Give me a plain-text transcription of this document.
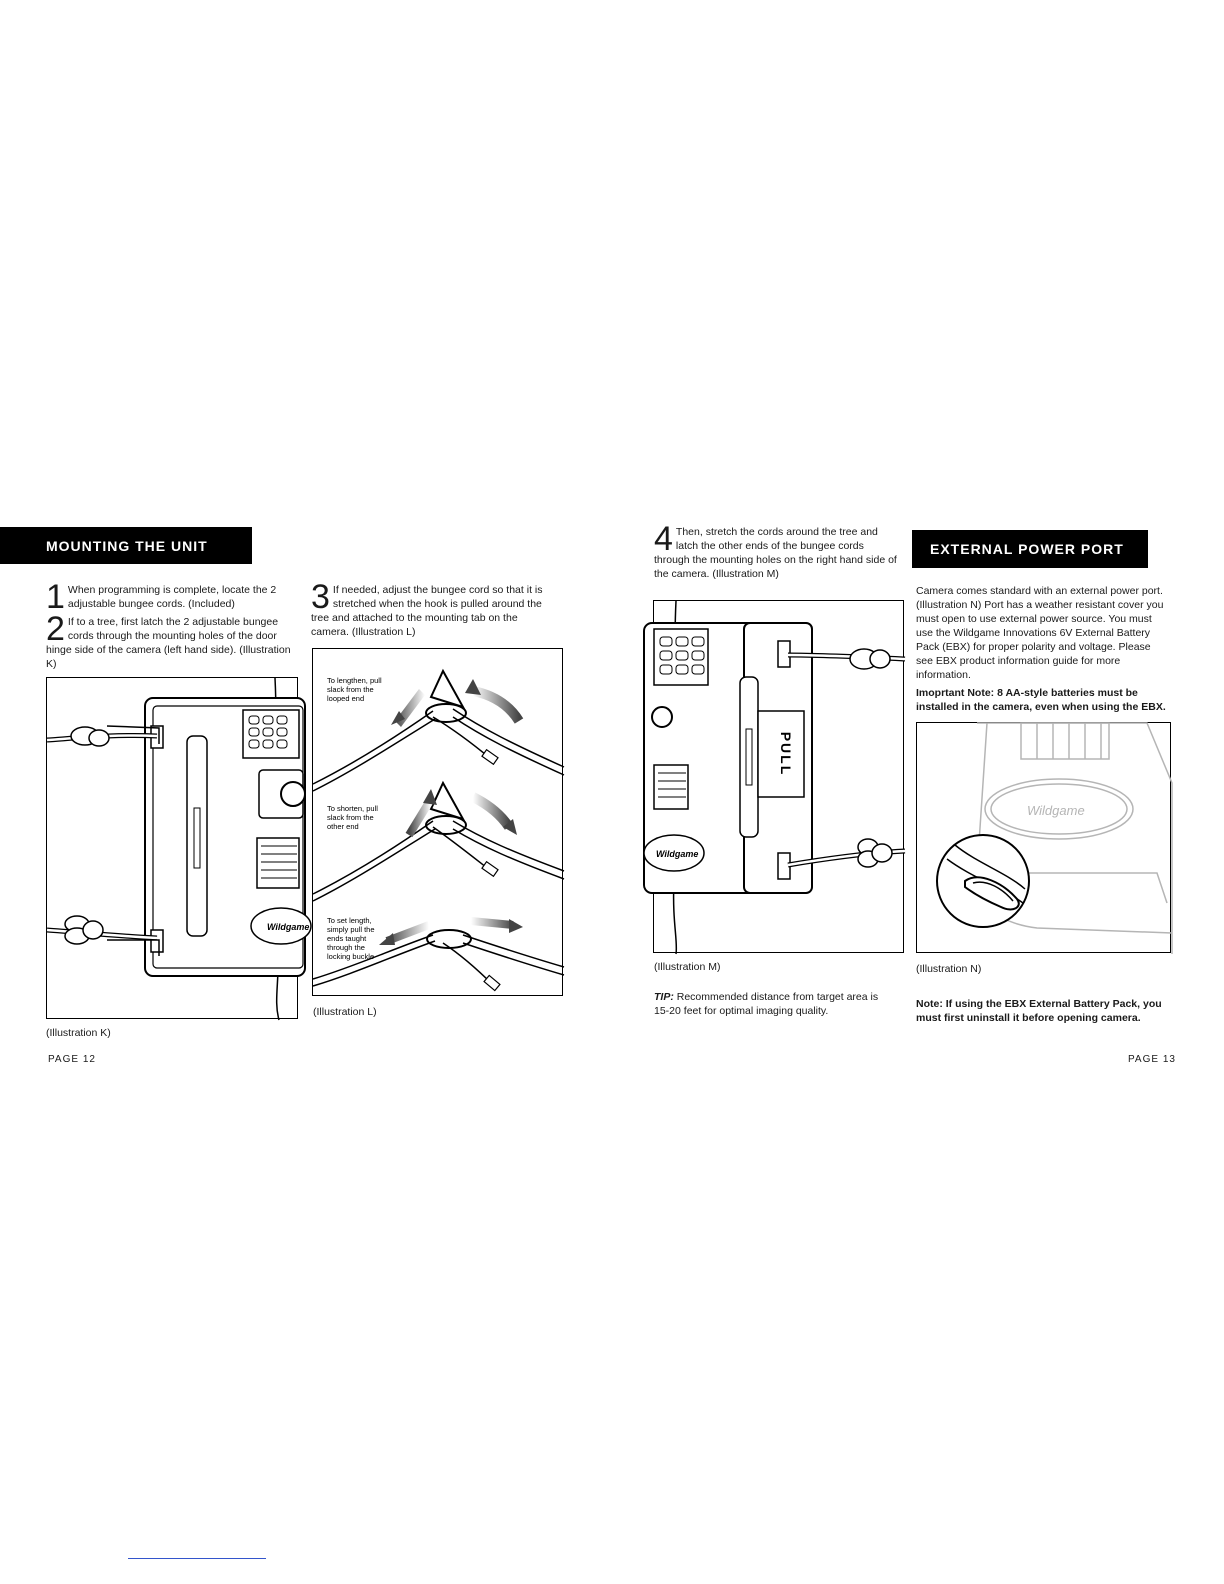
MOUNTING THE UNIT
1 When programming is complete, locate the 2 adjustable bungee cords. (Included)
2 If to a tree, first latch the 2 adjustable bungee cords through the mounting holes of the door hinge side of the camera (left hand side). (Illustration K)
Wildgame
(Illustration K)
3 If needed, adjust the bungee cord so that it is stretched when the hook is pulled around the tree and attached to the mounting tab on the camera. (Illustration L)
To lengthen, pull
slack from the
looped end
To shorten, pull
slack from the
other end
To set length,
simply pull the
ends taught
through the
locking buckle
(Illustration L)
PAGE 12
4 Then, stretch the cords around the tree and latch the other ends of the bungee cords through the mounting holes on the right hand side of the camera. (Illustration M)
Wildgame
PULL
(Illustration M)
TIP: Recommended distance from target area is 15-20 feet for optimal imaging quality.
EXTERNAL POWER PORT
Camera comes standard with an external power port. (Illustration N) Port has a weather resistant cover you must open to use external power source. You must use the Wildgame Innovations 6V External Battery Pack (EBX) for proper polarity and voltage. Please see EBX product information guide for more information.
Imoprtant Note: 8 AA-style batteries must be installed in the camera, even when using the EBX.
Wildgame
(Illustration N)
Note: If using the EBX External Battery Pack, you must first uninstall it before opening camera.
PAGE 13
